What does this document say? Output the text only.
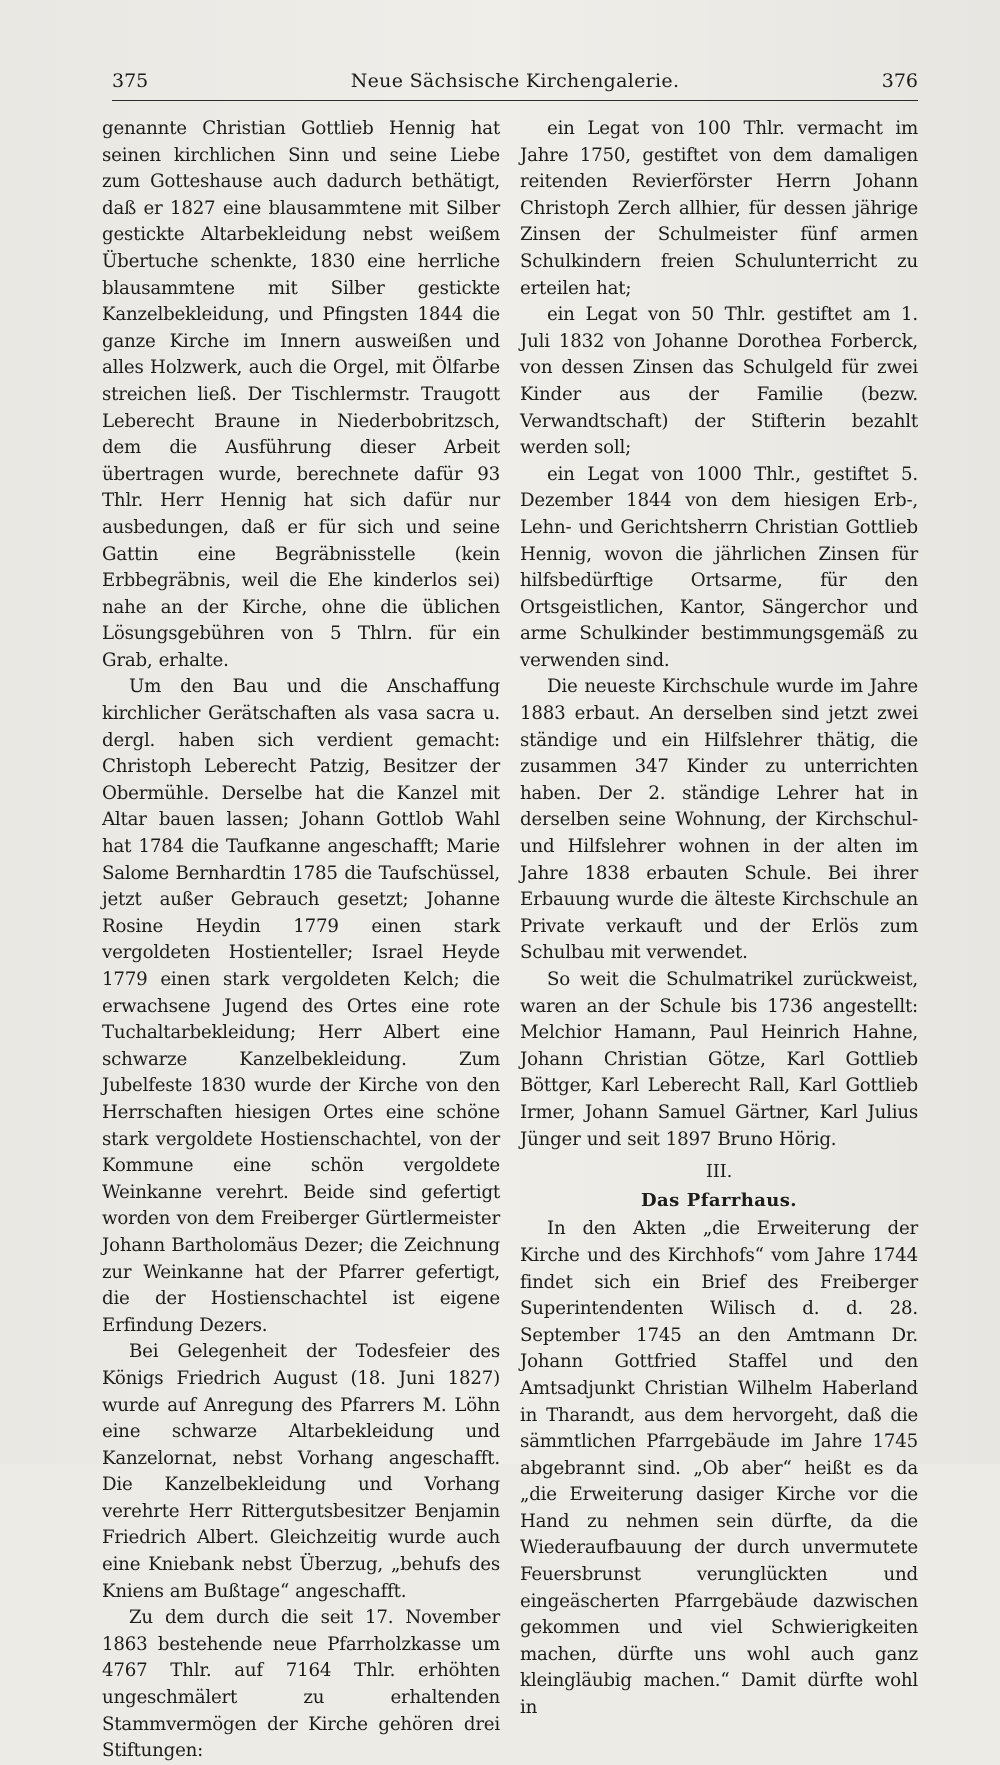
375	Neue Sächsische Kirchengalerie.	376

genannte Christian Gottlieb Hennig hat seinen kirchlichen Sinn und seine Liebe zum Gotteshause auch dadurch bethätigt, daß er 1827 eine blausammtene mit Silber gestickte Altarbekleidung nebst weißem Übertuche schenkte, 1830 eine herrliche blausammtene mit Silber gestickte Kanzelbekleidung, und Pfingsten 1844 die ganze Kirche im Innern ausweißen und alles Holzwerk, auch die Orgel, mit Ölfarbe streichen ließ. Der Tischlermstr. Traugott Leberecht Braune in Niederbobritzsch, dem die Ausführung dieser Arbeit übertragen wurde, berechnete dafür 93 Thlr. Herr Hennig hat sich dafür nur ausbedungen, daß er für sich und seine Gattin eine Begräbnisstelle (kein Erbbegräbnis, weil die Ehe kinderlos sei) nahe an der Kirche, ohne die üblichen Lösungsgebühren von 5 Thlrn. für ein Grab, erhalte.

Um den Bau und die Anschaffung kirchlicher Gerätschaften als vasa sacra u. dergl. haben sich verdient gemacht: Christoph Leberecht Patzig, Besitzer der Obermühle. Derselbe hat die Kanzel mit Altar bauen lassen; Johann Gottlob Wahl hat 1784 die Taufkanne angeschafft; Marie Salome Bernhardtin 1785 die Taufschüssel, jetzt außer Gebrauch gesetzt; Johanne Rosine Heydin 1779 einen stark vergoldeten Hostienteller; Israel Heyde 1779 einen stark vergoldeten Kelch; die erwachsene Jugend des Ortes eine rote Tuchaltarbekleidung; Herr Albert eine schwarze Kanzelbekleidung. Zum Jubelfeste 1830 wurde der Kirche von den Herrschaften hiesigen Ortes eine schöne stark vergoldete Hostienschachtel, von der Kommune eine schön vergoldete Weinkanne verehrt. Beide sind gefertigt worden von dem Freiberger Gürtlermeister Johann Bartholomäus Dezer; die Zeichnung zur Weinkanne hat der Pfarrer gefertigt, die der Hostienschachtel ist eigene Erfindung Dezers.

Bei Gelegenheit der Todesfeier des Königs Friedrich August (18. Juni 1827) wurde auf Anregung des Pfarrers M. Löhn eine schwarze Altarbekleidung und Kanzelornat, nebst Vorhang angeschafft. Die Kanzelbekleidung und Vorhang verehrte Herr Rittergutsbesitzer Benjamin Friedrich Albert. Gleichzeitig wurde auch eine Kniebank nebst Überzug, „behufs des Kniens am Bußtage“ angeschafft.

Zu dem durch die seit 17. November 1863 bestehende neue Pfarrholzkasse um 4767 Thlr. auf 7164 Thlr. erhöhten ungeschmälert zu erhaltenden Stammvermögen der Kirche gehören drei Stiftungen:

ein Legat von 100 Thlr. vermacht im Jahre 1750, gestiftet von dem damaligen reitenden Revierförster Herrn Johann Christoph Zerch allhier, für dessen jährige Zinsen der Schulmeister fünf armen Schulkindern freien Schulunterricht zu erteilen hat;

ein Legat von 50 Thlr. gestiftet am 1. Juli 1832 von Johanne Dorothea Forberck, von dessen Zinsen das Schulgeld für zwei Kinder aus der Familie (bezw. Verwandtschaft) der Stifterin bezahlt werden soll;

ein Legat von 1000 Thlr., gestiftet 5. Dezember 1844 von dem hiesigen Erb-, Lehn- und Gerichtsherrn Christian Gottlieb Hennig, wovon die jährlichen Zinsen für hilfsbedürftige Ortsarme, für den Ortsgeistlichen, Kantor, Sängerchor und arme Schulkinder bestimmungsgemäß zu verwenden sind.

Die neueste Kirchschule wurde im Jahre 1883 erbaut. An derselben sind jetzt zwei ständige und ein Hilfslehrer thätig, die zusammen 347 Kinder zu unterrichten haben. Der 2. ständige Lehrer hat in derselben seine Wohnung, der Kirchschul- und Hilfslehrer wohnen in der alten im Jahre 1838 erbauten Schule. Bei ihrer Erbauung wurde die älteste Kirchschule an Private verkauft und der Erlös zum Schulbau mit verwendet.

So weit die Schulmatrikel zurückweist, waren an der Schule bis 1736 angestellt: Melchior Hamann, Paul Heinrich Hahne, Johann Christian Götze, Karl Gottlieb Böttger, Karl Leberecht Rall, Karl Gottlieb Irmer, Johann Samuel Gärtner, Karl Julius Jünger und seit 1897 Bruno Hörig.

III.
Das Pfarrhaus.

In den Akten „die Erweiterung der Kirche und des Kirchhofs“ vom Jahre 1744 findet sich ein Brief des Freiberger Superintendenten Wilisch d. d. 28. September 1745 an den Amtmann Dr. Johann Gottfried Staffel und den Amtsadjunkt Christian Wilhelm Haberland in Tharandt, aus dem hervorgeht, daß die sämmtlichen Pfarrgebäude im Jahre 1745 abgebrannt sind. „Ob aber“ heißt es da „die Erweiterung dasiger Kirche vor die Hand zu nehmen sein dürfte, da die Wiederaufbauung der durch unvermutete Feuersbrunst verunglückten und eingeäscherten Pfarrgebäude dazwischen gekommen und viel Schwierigkeiten machen, dürfte uns wohl auch ganz kleingläubig machen.“ Damit dürfte wohl in
